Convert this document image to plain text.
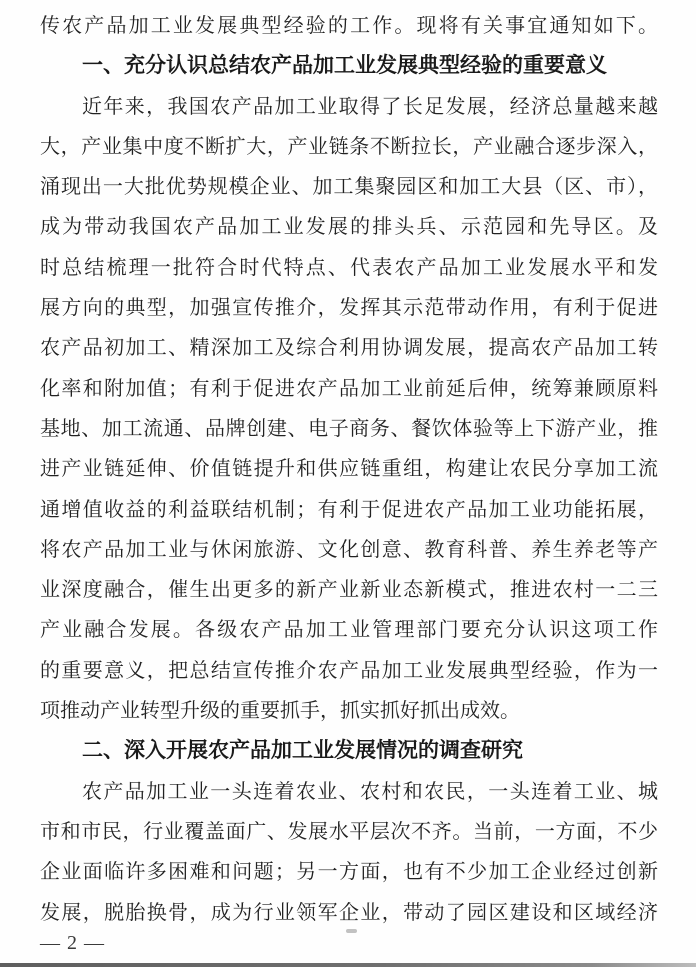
传农产品加工业发展典型经验的工作。现将有关事宜通知如下。
一、充分认识总结农产品加工业发展典型经验的重要意义
近年来，我国农产品加工业取得了长足发展，经济总量越来越
大，产业集中度不断扩大，产业链条不断拉长，产业融合逐步深入，
涌现出一大批优势规模企业、加工集聚园区和加工大县（区、市），
成为带动我国农产品加工业发展的排头兵、示范园和先导区。及
时总结梳理一批符合时代特点、代表农产品加工业发展水平和发
展方向的典型，加强宣传推介，发挥其示范带动作用，有利于促进
农产品初加工、精深加工及综合利用协调发展，提高农产品加工转
化率和附加值；有利于促进农产品加工业前延后伸，统筹兼顾原料
基地、加工流通、品牌创建、电子商务、餐饮体验等上下游产业，推
进产业链延伸、价值链提升和供应链重组，构建让农民分享加工流
通增值收益的利益联结机制；有利于促进农产品加工业功能拓展，
将农产品加工业与休闲旅游、文化创意、教育科普、养生养老等产
业深度融合，催生出更多的新产业新业态新模式，推进农村一二三
产业融合发展。各级农产品加工业管理部门要充分认识这项工作
的重要意义，把总结宣传推介农产品加工业发展典型经验，作为一
项推动产业转型升级的重要抓手，抓实抓好抓出成效。
二、深入开展农产品加工业发展情况的调查研究
农产品加工业一头连着农业、农村和农民，一头连着工业、城
市和市民，行业覆盖面广、发展水平层次不齐。当前，一方面，不少
企业面临许多困难和问题；另一方面，也有不少加工企业经过创新
发展，脱胎换骨，成为行业领军企业，带动了园区建设和区域经济
— 2 —
